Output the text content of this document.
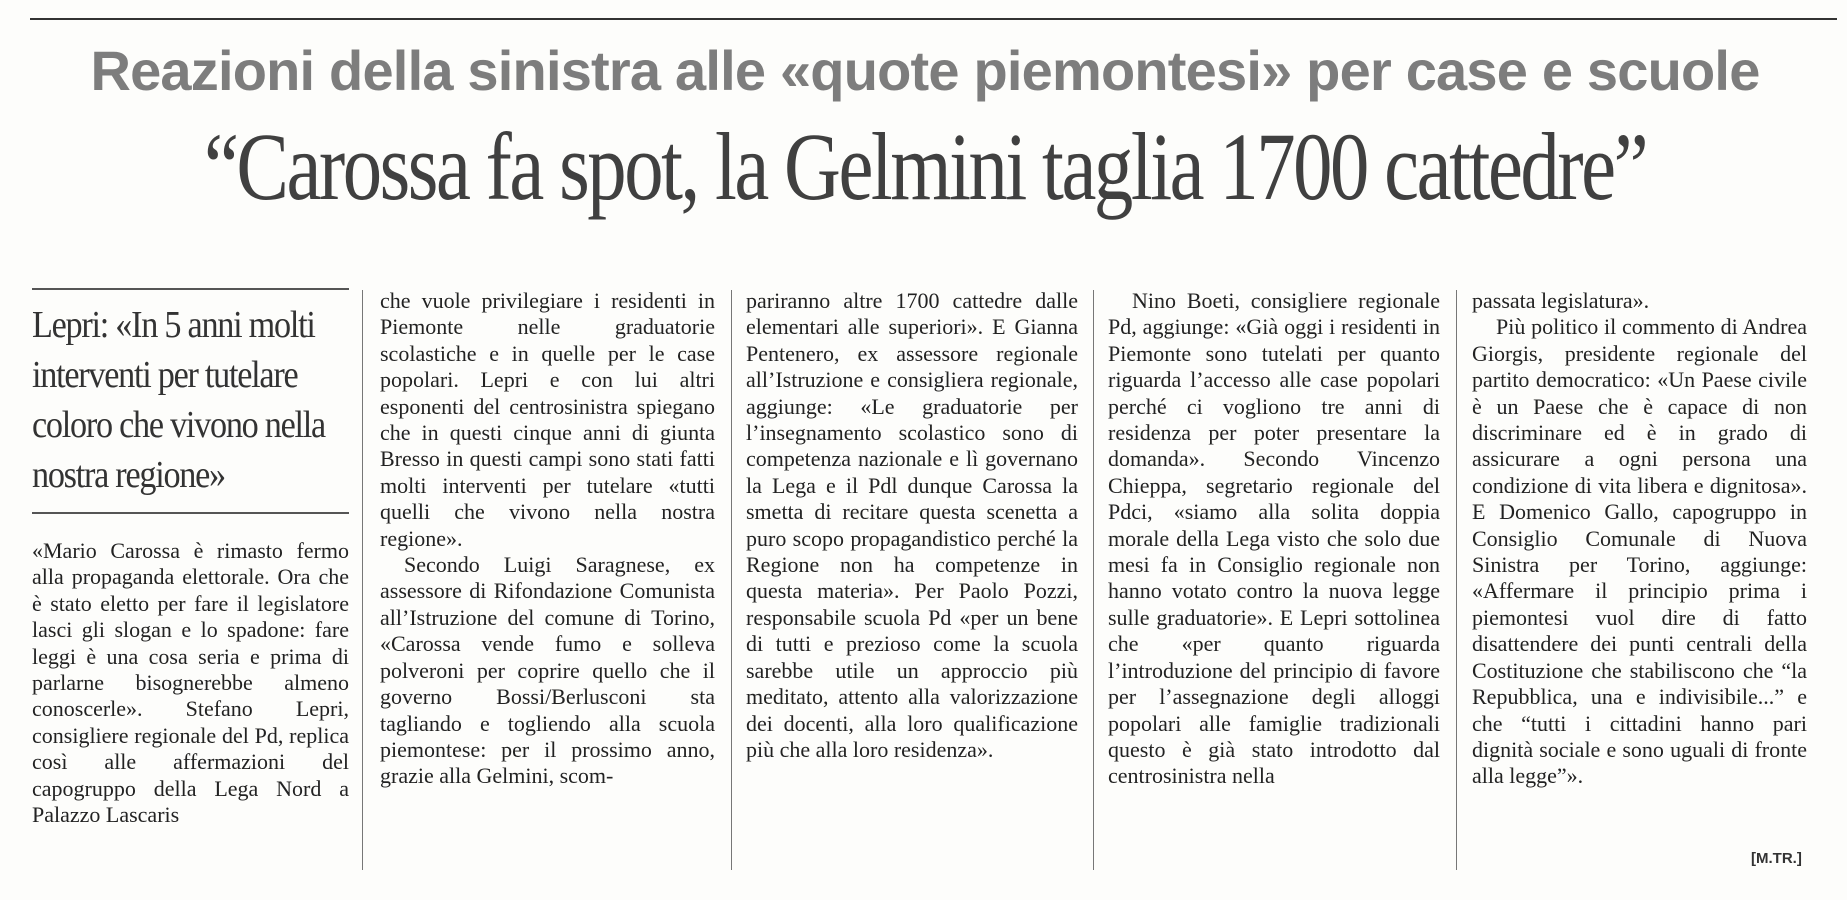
Reazioni della sinistra alle «quote piemontesi» per case e scuole
“Carossa fa spot, la Gelmini taglia 1700 cattedre”
Lepri: «In 5 anni molti interventi per tutelare coloro che vivono nella nostra regione»

«Mario Carossa è rimasto fermo alla propaganda elettorale. Ora che è stato eletto per fare il legislatore lasci gli slogan e lo spadone: fare leggi è una cosa seria e prima di parlarne bisognerebbe almeno conoscerle». Stefano Lepri, consigliere regionale del Pd, replica così alle affermazioni del capogruppo della Lega Nord a Palazzo Lascaris

che vuole privilegiare i residenti in Piemonte nelle graduatorie scolastiche e in quelle per le case popolari. Lepri e con lui altri esponenti del centrosinistra spiegano che in questi cinque anni di giunta Bresso in questi campi sono stati fatti molti interventi per tutelare «tutti quelli che vivono nella nostra regione».

Secondo Luigi Saragnese, ex assessore di Rifondazione Comunista all’Istruzione del comune di Torino, «Carossa vende fumo e solleva polveroni per coprire quello che il governo Bossi/Berlusconi sta tagliando e togliendo alla scuola piemontese: per il prossimo anno, grazie alla Gelmini, scom-

pariranno altre 1700 cattedre dalle elementari alle superiori». E Gianna Pentenero, ex assessore regionale all’Istruzione e consigliera regionale, aggiunge: «Le graduatorie per l’insegnamento scolastico sono di competenza nazionale e lì governano la Lega e il Pdl dunque Carossa la smetta di recitare questa scenetta a puro scopo propagandistico perché la Regione non ha competenze in questa materia». Per Paolo Pozzi, responsabile scuola Pd «per un bene di tutti e prezioso come la scuola sarebbe utile un approccio più meditato, attento alla valorizzazione dei docenti, alla loro qualificazione più che alla loro residenza».

Nino Boeti, consigliere regionale Pd, aggiunge: «Già oggi i residenti in Piemonte sono tutelati per quanto riguarda l’accesso alle case popolari perché ci vogliono tre anni di residenza per poter presentare la domanda». Secondo Vincenzo Chieppa, segretario regionale del Pdci, «siamo alla solita doppia morale della Lega visto che solo due mesi fa in Consiglio regionale non hanno votato contro la nuova legge sulle graduatorie». E Lepri sottolinea che «per quanto riguarda l’introduzione del principio di favore per l’assegnazione degli alloggi popolari alle famiglie tradizionali questo è già stato introdotto dal centrosinistra nella

passata legislatura».

Più politico il commento di Andrea Giorgis, presidente regionale del partito democratico: «Un Paese civile è un Paese che è capace di non discriminare ed è in grado di assicurare a ogni persona una condizione di vita libera e dignitosa». E Domenico Gallo, capogruppo in Consiglio Comunale di Nuova Sinistra per Torino, aggiunge: «Affermare il principio prima i piemontesi vuol dire di fatto disattendere dei punti centrali della Costituzione che stabiliscono che “la Repubblica, una e indivisibile...” e che “tutti i cittadini hanno pari dignità sociale e sono uguali di fronte alla legge”».

[M.TR.]
